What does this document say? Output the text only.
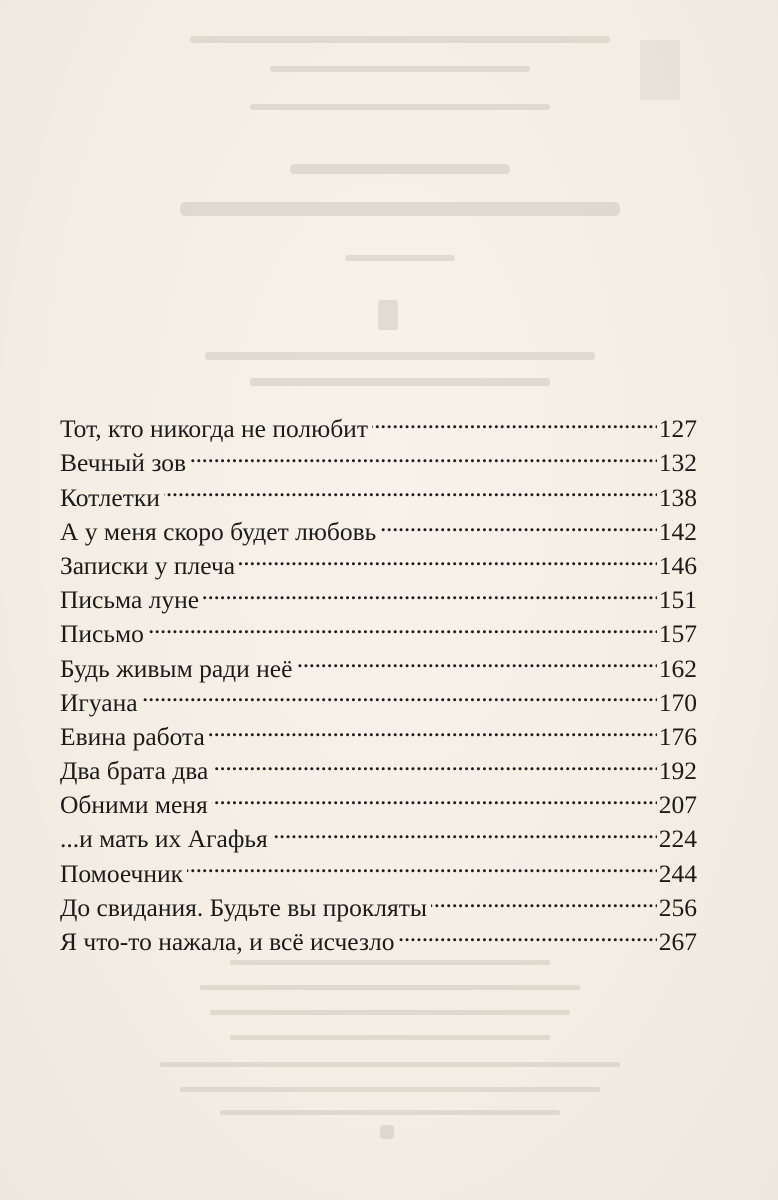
Тот, кто никогда не полюбит . . .	127
Вечный зов . . .	132
Котлетки . . .	138
А у меня скоро будет любовь . . .	142
Записки у плеча . . .	146
Письма луне . . .	151
Письмо . . .	157
Будь живым ради неё . . .	162
Игуана . . .	170
Евина работа . . .	176
Два брата два . . .	192
Обними меня . . .	207
...и мать их Агафья . . .	224
Помоечник . . .	244
До свидания. Будьте вы прокляты . . .	256
Я что-то нажала, и всё исчезло . . .	267
